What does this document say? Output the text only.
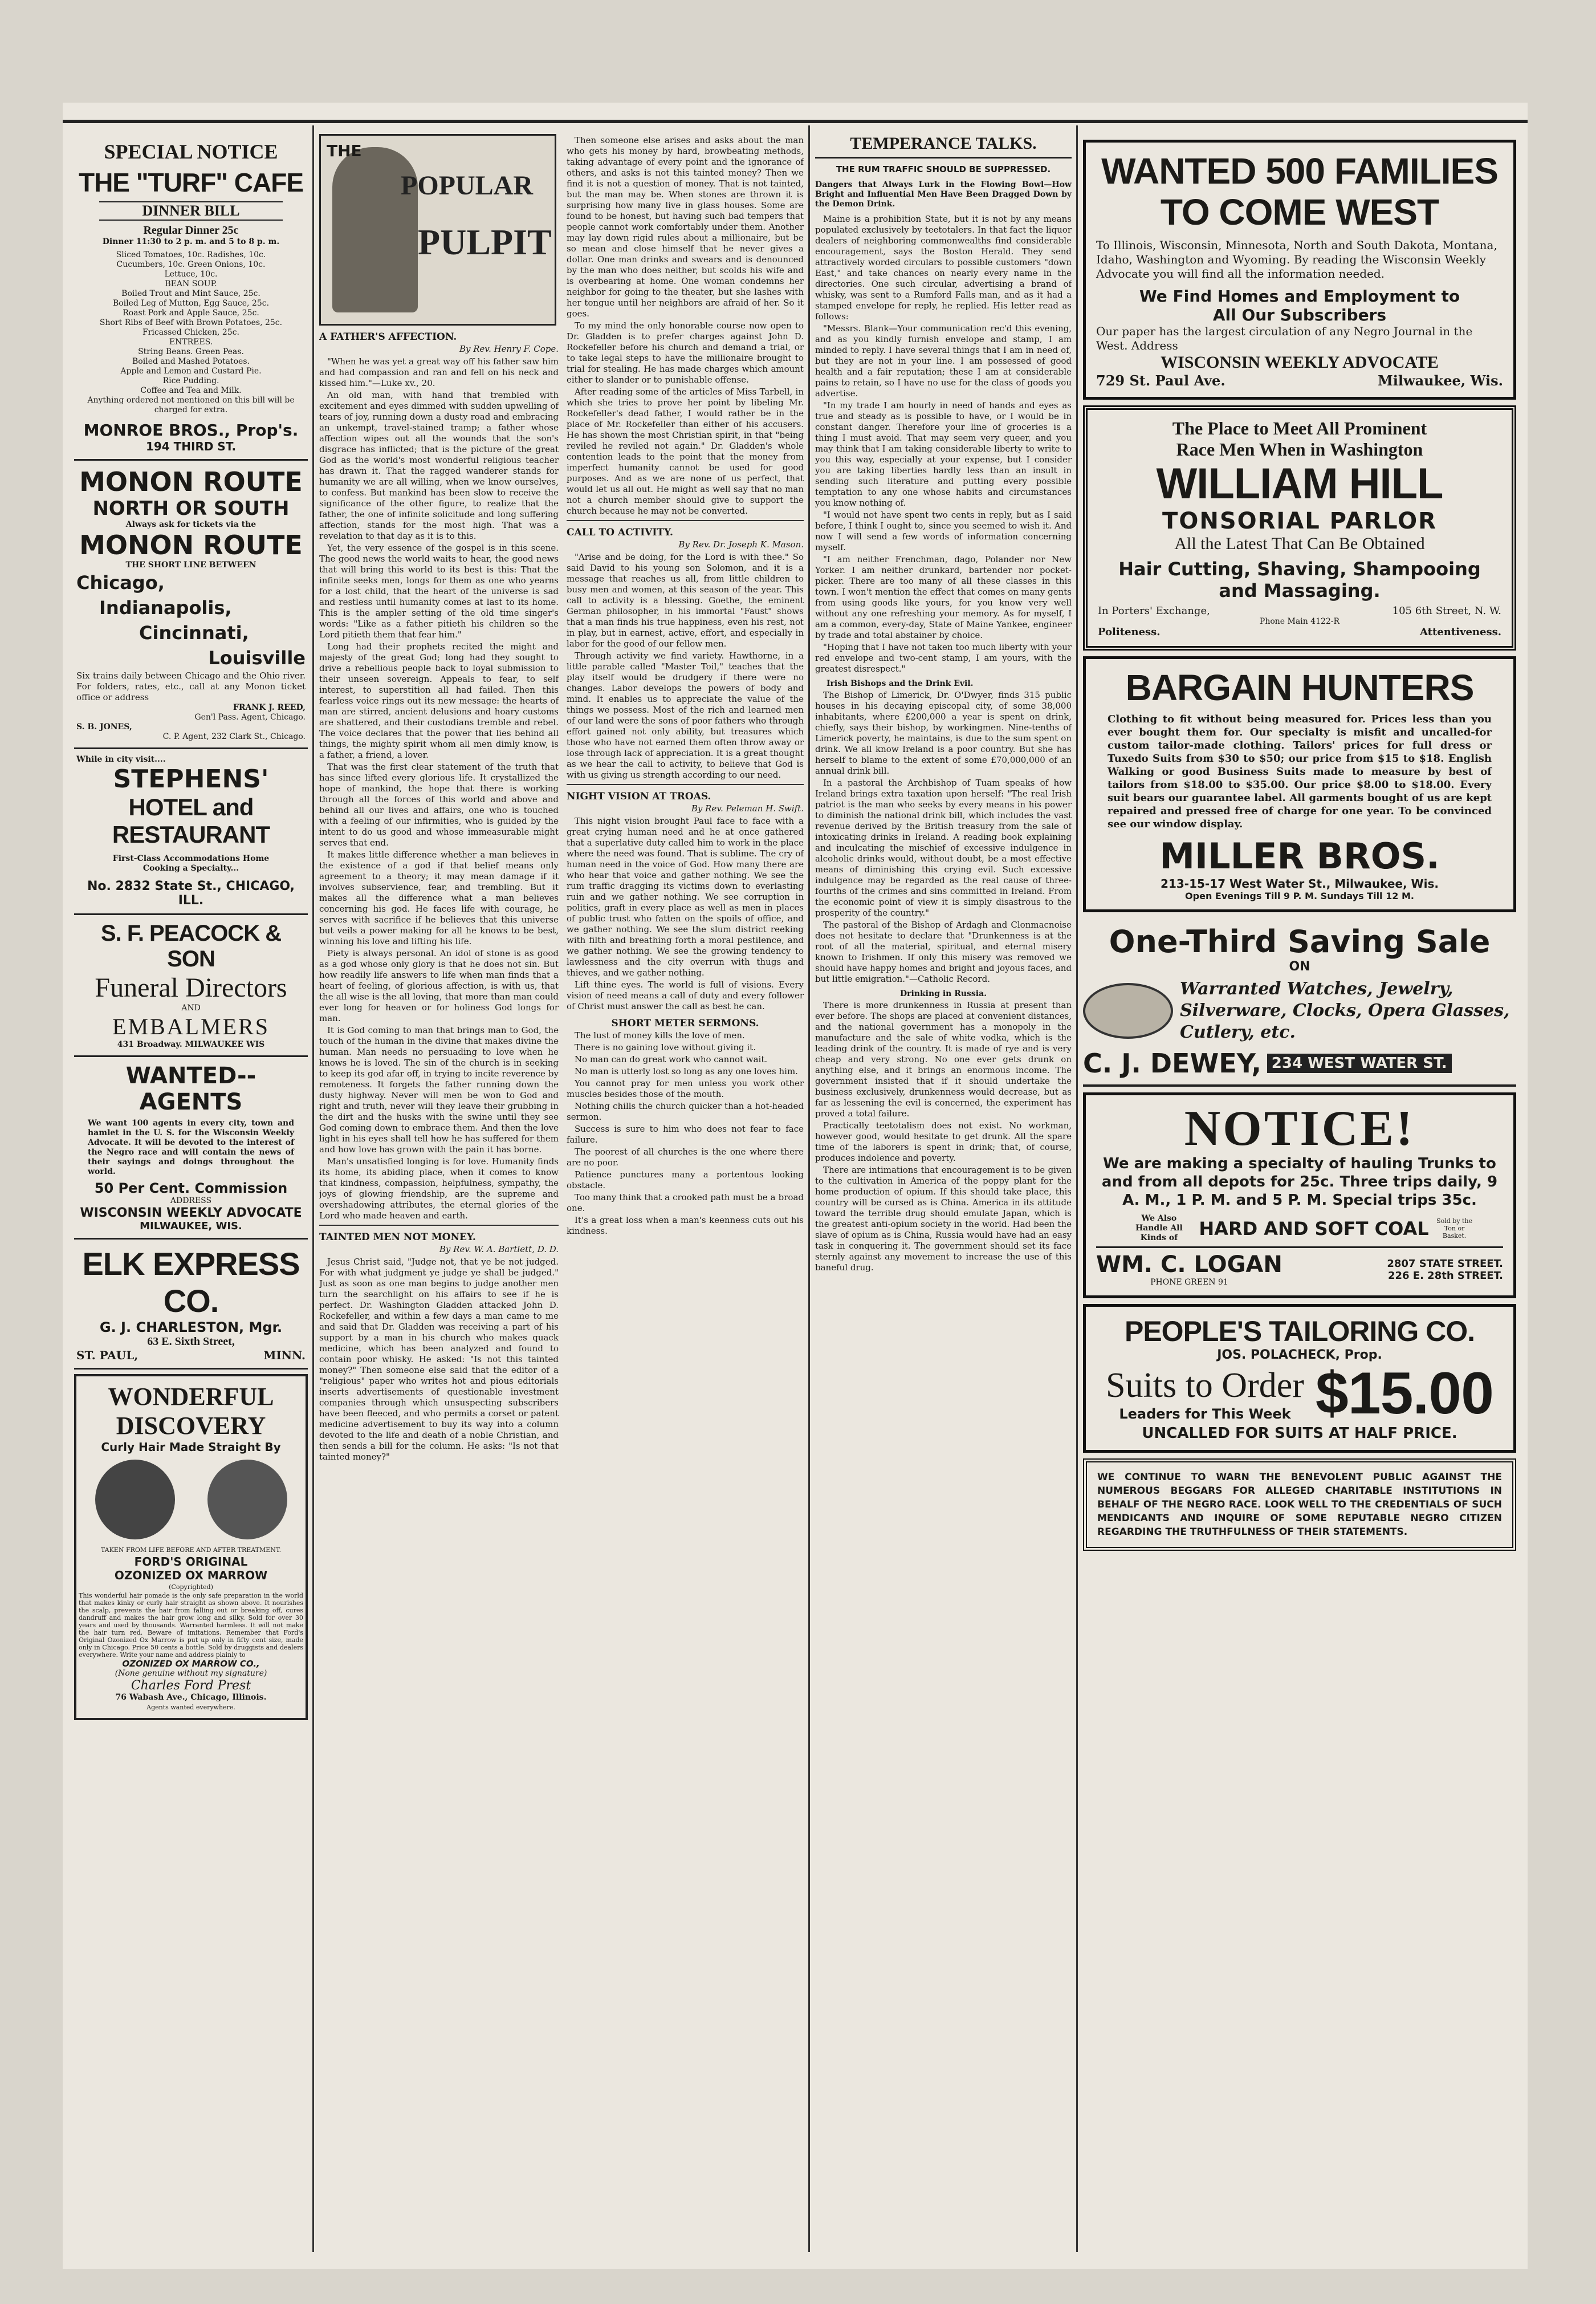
SPECIAL NOTICE
THE "TURF" CAFE
DINNER BILL
Regular Dinner 25c
Dinner 11:30 to 2 p. m. and 5 to 8 p. m.
Sliced Tomatoes, 10c. Radishes, 10c.
Cucumbers, 10c. Green Onions, 10c.
Lettuce, 10c.
BEAN SOUP.
Boiled Trout and Mint Sauce, 25c.
Boiled Leg of Mutton, Egg Sauce, 25c.
Roast Pork and Apple Sauce, 25c.
Short Ribs of Beef with Brown Potatoes, 25c.
Fricassed Chicken, 25c.
ENTREES.
String Beans. Green Peas.
Boiled and Mashed Potatoes.
Apple and Lemon and Custard Pie.
Rice Pudding.
Coffee and Tea and Milk.
Anything ordered not mentioned on this bill will be charged for extra.
MONROE BROS., Prop's.
194 THIRD ST.
MONON ROUTE
NORTH OR SOUTH
Always ask for tickets via the
MONON ROUTE
THE SHORT LINE BETWEEN
Chicago,
Indianapolis,
Cincinnati,
Louisville
Six trains daily between Chicago and the Ohio river. For folders, rates, etc., call at any Monon ticket office or address
FRANK J. REED,
Gen'l Pass. Agent, Chicago.
S. B. JONES,
C. P. Agent, 232 Clark St., Chicago.
While in city visit....
STEPHENS'
HOTEL and RESTAURANT
First-Class Accommodations Home Cooking a Specialty...
No. 2832 State St., CHICAGO, ILL.
S. F. PEACOCK & SON
Funeral Directors
AND
EMBALMERS
431 Broadway. MILWAUKEE WIS
WANTED--AGENTS
We want 100 agents in every city, town and hamlet in the U. S. for the Wisconsin Weekly Advocate. It will be devoted to the interest of the Negro race and will contain the news of their sayings and doings throughout the world.
50 Per Cent. Commission
ADDRESS
WISCONSIN WEEKLY ADVOCATE
MILWAUKEE, WIS.
ELK EXPRESS CO.
G. J. CHARLESTON, Mgr.
63 E. Sixth Street,
ST. PAUL,	MINN.
WONDERFUL
DISCOVERY
Curly Hair Made Straight By
TAKEN FROM LIFE BEFORE AND AFTER TREATMENT.
FORD'S ORIGINAL
OZONIZED OX MARROW
(Copyrighted)
This wonderful hair pomade is the only safe preparation in the world that makes kinky or curly hair straight as shown above. It nourishes the scalp, prevents the hair from falling out or breaking off, cures dandruff and makes the hair grow long and silky. Sold for over 30 years and used by thousands. Warranted harmless. It will not make the hair turn red. Beware of imitations. Remember that Ford's Original Ozonized Ox Marrow is put up only in fifty cent size, made only in Chicago. Price 50 cents a bottle. Sold by druggists and dealers everywhere. Write your name and address plainly to
OZONIZED OX MARROW CO.,
(None genuine without my signature)
Charles Ford Prest
76 Wabash Ave., Chicago, Illinois.
Agents wanted everywhere.
THE
POPULAR
PULPIT
A FATHER'S AFFECTION.
By Rev. Henry F. Cope.

"When he was yet a great way off his father saw him and had compassion and ran and fell on his neck and kissed him."—Luke xv., 20.

An old man, with hand that trembled with excitement and eyes dimmed with sudden upwelling of tears of joy, running down a dusty road and embracing an unkempt, travel-stained tramp; a father whose affection wipes out all the wounds that the son's disgrace has inflicted; that is the picture of the great God as the world's most wonderful religious teacher has drawn it. That the ragged wanderer stands for humanity we are all willing, when we know ourselves, to confess. But mankind has been slow to receive the significance of the other figure, to realize that the father, the one of infinite solicitude and long suffering affection, stands for the most high. That was a revelation to that day as it is to this.

Yet, the very essence of the gospel is in this scene. The good news the world waits to hear, the good news that will bring this world to its best is this: That the infinite seeks men, longs for them as one who yearns for a lost child, that the heart of the universe is sad and restless until humanity comes at last to its home. This is the ampler setting of the old time singer's words: "Like as a father pitieth his children so the Lord pitieth them that fear him."

Long had their prophets recited the might and majesty of the great God; long had they sought to drive a rebellious people back to loyal submission to their unseen sovereign. Appeals to fear, to self interest, to superstition all had failed. Then this fearless voice rings out its new message: the hearts of man are stirred, ancient delusions and hoary customs are shattered, and their custodians tremble and rebel. The voice declares that the power that lies behind all things, the mighty spirit whom all men dimly know, is a father, a friend, a lover.

That was the first clear statement of the truth that has since lifted every glorious life. It crystallized the hope of mankind, the hope that there is working through all the forces of this world and above and behind all our lives and affairs, one who is touched with a feeling of our infirmities, who is guided by the intent to do us good and whose immeasurable might serves that end.

It makes little difference whether a man believes in the existence of a god if that belief means only agreement to a theory; it may mean damage if it involves subservience, fear, and trembling. But it makes all the difference what a man believes concerning his god. He faces life with courage, he serves with sacrifice if he believes that this universe but veils a power making for all he knows to be best, winning his love and lifting his life.

Piety is always personal. An idol of stone is as good as a god whose only glory is that he does not sin. But how readily life answers to life when man finds that a heart of feeling, of glorious affection, is with us, that the all wise is the all loving, that more than man could ever long for heaven or for holiness God longs for man.

It is God coming to man that brings man to God, the touch of the human in the divine that makes divine the human. Man needs no persuading to love when he knows he is loved. The sin of the church is in seeking to keep its god afar off, in trying to incite reverence by remoteness. It forgets the father running down the dusty highway. Never will men be won to God and right and truth, never will they leave their grubbing in the dirt and the husks with the swine until they see God coming down to embrace them. And then the love light in his eyes shall tell how he has suffered for them and how love has grown with the pain it has borne.

Man's unsatisfied longing is for love. Humanity finds its home, its abiding place, when it comes to know that kindness, compassion, helpfulness, sympathy, the joys of glowing friendship, are the supreme and overshadowing attributes, the eternal glories of the Lord who made heaven and earth.

TAINTED MEN NOT MONEY.
By Rev. W. A. Bartlett, D. D.

Jesus Christ said, "Judge not, that ye be not judged. For with what judgment ye judge ye shall be judged." Just as soon as one man begins to judge another men turn the searchlight on his affairs to see if he is perfect. Dr. Washington Gladden attacked John D. Rockefeller, and within a few days a man came to me and said that Dr. Gladden was receiving a part of his support by a man in his church who makes quack medicine, which has been analyzed and found to contain poor whisky. He asked: "Is not this tainted money?" Then someone else said that the editor of a "religious" paper who writes hot and pious editorials inserts advertisements of questionable investment companies through which unsuspecting subscribers have been fleeced, and who permits a corset or patent medicine advertisement to buy its way into a column devoted to the life and death of a noble Christian, and then sends a bill for the column. He asks: "Is not that tainted money?"

Then someone else arises and asks about the man who gets his money by hard, browbeating methods, taking advantage of every point and the ignorance of others, and asks is not this tainted money? Then we find it is not a question of money. That is not tainted, but the man may be. When stones are thrown it is surprising how many live in glass houses. Some are found to be honest, but having such bad tempers that people cannot work comfortably under them. Another may lay down rigid rules about a millionaire, but be so mean and close himself that he never gives a dollar. One man drinks and swears and is denounced by the man who does neither, but scolds his wife and is overbearing at home. One woman condemns her neighbor for going to the theater, but she lashes with her tongue until her neighbors are afraid of her. So it goes.

To my mind the only honorable course now open to Dr. Gladden is to prefer charges against John D. Rockefeller before his church and demand a trial, or to take legal steps to have the millionaire brought to trial for stealing. He has made charges which amount either to slander or to punishable offense.

After reading some of the articles of Miss Tarbell, in which she tries to prove her point by libeling Mr. Rockefeller's dead father, I would rather be in the place of Mr. Rockefeller than either of his accusers. He has shown the most Christian spirit, in that "being reviled he reviled not again." Dr. Gladden's whole contention leads to the point that the money from imperfect humanity cannot be used for good purposes. And as we are none of us perfect, that would let us all out. He might as well say that no man not a church member should give to support the church because he may not be converted.

CALL TO ACTIVITY.
By Rev. Dr. Joseph K. Mason.

"Arise and be doing, for the Lord is with thee." So said David to his young son Solomon, and it is a message that reaches us all, from little children to busy men and women, at this season of the year. This call to activity is a blessing. Goethe, the eminent German philosopher, in his immortal "Faust" shows that a man finds his true happiness, even his rest, not in play, but in earnest, active, effort, and especially in labor for the good of our fellow men.

Through activity we find variety. Hawthorne, in a little parable called "Master Toil," teaches that the play itself would be drudgery if there were no changes. Labor develops the powers of body and mind. It enables us to appreciate the value of the things we possess. Most of the rich and learned men of our land were the sons of poor fathers who through effort gained not only ability, but treasures which those who have not earned them often throw away or lose through lack of appreciation. It is a great thought as we hear the call to activity, to believe that God is with us giving us strength according to our need.

NIGHT VISION AT TROAS.
By Rev. Peleman H. Swift.

This night vision brought Paul face to face with a great crying human need and he at once gathered that a superlative duty called him to work in the place where the need was found. That is sublime. The cry of human need in the voice of God. How many there are who hear that voice and gather nothing. We see the rum traffic dragging its victims down to everlasting ruin and we gather nothing. We see corruption in politics, graft in every place as well as men in places of public trust who fatten on the spoils of office, and we gather nothing. We see the slum district reeking with filth and breathing forth a moral pestilence, and we gather nothing. We see the growing tendency to lawlessness and the city overrun with thugs and thieves, and we gather nothing.

Lift thine eyes. The world is full of visions. Every vision of need means a call of duty and every follower of Christ must answer the call as best he can.

SHORT METER SERMONS.

The lust of money kills the love of men.

There is no gaining love without giving it.

No man can do great work who cannot wait.

No man is utterly lost so long as any one loves him.

You cannot pray for men unless you work other muscles besides those of the mouth.

Nothing chills the church quicker than a hot-headed sermon.

Success is sure to him who does not fear to face failure.

The poorest of all churches is the one where there are no poor.

Patience punctures many a portentous looking obstacle.

Too many think that a crooked path must be a broad one.

It's a great loss when a man's keenness cuts out his kindness.

TEMPERANCE TALKS.
THE RUM TRAFFIC SHOULD BE SUPPRESSED.
Dangers that Always Lurk in the Flowing Bowl—How Bright and Influential Men Have Been Dragged Down by the Demon Drink.

Maine is a prohibition State, but it is not by any means populated exclusively by teetotalers. In that fact the liquor dealers of neighboring commonwealths find considerable encouragement, says the Boston Herald. They send attractively worded circulars to possible customers "down East," and take chances on nearly every name in the directories. One such circular, advertising a brand of whisky, was sent to a Rumford Falls man, and as it had a stamped envelope for reply, he replied. His letter read as follows:

"Messrs. Blank—Your communication rec'd this evening, and as you kindly furnish envelope and stamp, I am minded to reply. I have several things that I am in need of, but they are not in your line. I am possessed of good health and a fair reputation; these I am at considerable pains to retain, so I have no use for the class of goods you advertise.

"In my trade I am hourly in need of hands and eyes as true and steady as is possible to have, or I would be in constant danger. Therefore your line of groceries is a thing I must avoid. That may seem very queer, and you may think that I am taking considerable liberty to write to you this way, especially at your expense, but I consider you are taking liberties hardly less than an insult in sending such literature and putting every possible temptation to any one whose habits and circumstances you know nothing of.

"I would not have spent two cents in reply, but as I said before, I think I ought to, since you seemed to wish it. And now I will send a few words of information concerning myself.

"I am neither Frenchman, dago, Polander nor New Yorker. I am neither drunkard, bartender nor pocket-picker. There are too many of all these classes in this town. I won't mention the effect that comes on many gents from using goods like yours, for you know very well without any one refreshing your memory. As for myself, I am a common, every-day, State of Maine Yankee, engineer by trade and total abstainer by choice.

"Hoping that I have not taken too much liberty with your red envelope and two-cent stamp, I am yours, with the greatest disrespect."

Irish Bishops and the Drink Evil.

The Bishop of Limerick, Dr. O'Dwyer, finds 315 public houses in his decaying episcopal city, of some 38,000 inhabitants, where £200,000 a year is spent on drink, chiefly, says their bishop, by workingmen. Nine-tenths of Limerick poverty, he maintains, is due to the sum spent on drink. We all know Ireland is a poor country. But she has herself to blame to the extent of some £70,000,000 of an annual drink bill.

In a pastoral the Archbishop of Tuam speaks of how Ireland brings extra taxation upon herself: "The real Irish patriot is the man who seeks by every means in his power to diminish the national drink bill, which includes the vast revenue derived by the British treasury from the sale of intoxicating drinks in Ireland. A reading book explaining and inculcating the mischief of excessive indulgence in alcoholic drinks would, without doubt, be a most effective means of diminishing this crying evil. Such excessive indulgence may be regarded as the real cause of three-fourths of the crimes and sins committed in Ireland. From the economic point of view it is simply disastrous to the prosperity of the country."

The pastoral of the Bishop of Ardagh and Clonmacnoise does not hesitate to declare that "Drunkenness is at the root of all the material, spiritual, and eternal misery known to Irishmen. If only this misery was removed we should have happy homes and bright and joyous faces, and but little emigration."—Catholic Record.

Drinking in Russia.

There is more drunkenness in Russia at present than ever before. The shops are placed at convenient distances, and the national government has a monopoly in the manufacture and the sale of white vodka, which is the leading drink of the country. It is made of rye and is very cheap and very strong. No one ever gets drunk on anything else, and it brings an enormous income. The government insisted that if it should undertake the business exclusively, drunkenness would decrease, but as far as lessening the evil is concerned, the experiment has proved a total failure.

Practically teetotalism does not exist. No workman, however good, would hesitate to get drunk. All the spare time of the laborers is spent in drink; that, of course, produces indolence and poverty.

There are intimations that encouragement is to be given to the cultivation in America of the poppy plant for the home production of opium. If this should take place, this country will be cursed as is China. America in its attitude toward the terrible drug should emulate Japan, which is the greatest anti-opium society in the world. Had been the slave of opium as is China, Russia would have had an easy task in conquering it. The government should set its face sternly against any movement to increase the use of this baneful drug.

WANTED 500 FAMILIES
TO COME WEST
To Illinois, Wisconsin, Minnesota, North and South Dakota, Montana, Idaho, Washington and Wyoming. By reading the Wisconsin Weekly Advocate you will find all the information needed.
We Find Homes and Employment to
All Our Subscribers
Our paper has the largest circulation of any Negro Journal in the West. Address
WISCONSIN WEEKLY ADVOCATE
729 St. Paul Ave.	Milwaukee, Wis.
The Place to Meet All Prominent
Race Men When in Washington
WILLIAM HILL
TONSORIAL PARLOR
All the Latest That Can Be Obtained
Hair Cutting, Shaving, Shampooing and Massaging.
In Porters' Exchange,	105 6th Street, N. W.
Phone Main 4122-R
Politeness.	Attentiveness.
BARGAIN HUNTERS
Clothing to fit without being measured for. Prices less than you ever bought them for. Our specialty is misfit and uncalled-for custom tailor-made clothing. Tailors' prices for full dress or Tuxedo Suits from $30 to $50; our price from $15 to $18. English Walking or good Business Suits made to measure by best of tailors from $18.00 to $35.00. Our price $8.00 to $18.00. Every suit bears our guarantee label. All garments bought of us are kept repaired and pressed free of charge for one year. To be convinced see our window display.
MILLER BROS.
213-15-17 West Water St., Milwaukee, Wis.
Open Evenings Till 9 P. M. Sundays Till 12 M.
One-Third Saving Sale
ON
Warranted Watches, Jewelry, Silverware, Clocks, Opera Glasses, Cutlery, etc.
C. J. DEWEY, 234 WEST WATER ST.
NOTICE!
We are making a specialty of hauling Trunks to and from all depots for 25c. Three trips daily, 9 A. M., 1 P. M. and 5 P. M. Special trips 35c.
We Also Handle All Kinds of	HARD AND SOFT COAL	Sold by the Ton or Basket.
WM. C. LOGAN
PHONE GREEN 91
2807 STATE STREET.
226 E. 28th STREET.
PEOPLE'S TAILORING CO.
JOS. POLACHECK, Prop.
Suits to Order
Leaders for This Week $15.00
UNCALLED FOR SUITS AT HALF PRICE.
WE CONTINUE TO WARN THE BENEVOLENT PUBLIC AGAINST THE NUMEROUS BEGGARS FOR ALLEGED CHARITABLE INSTITUTIONS IN BEHALF OF THE NEGRO RACE. LOOK WELL TO THE CREDENTIALS OF SUCH MENDICANTS AND INQUIRE OF SOME REPUTABLE NEGRO CITIZEN REGARDING THE TRUTHFULNESS OF THEIR STATEMENTS.
